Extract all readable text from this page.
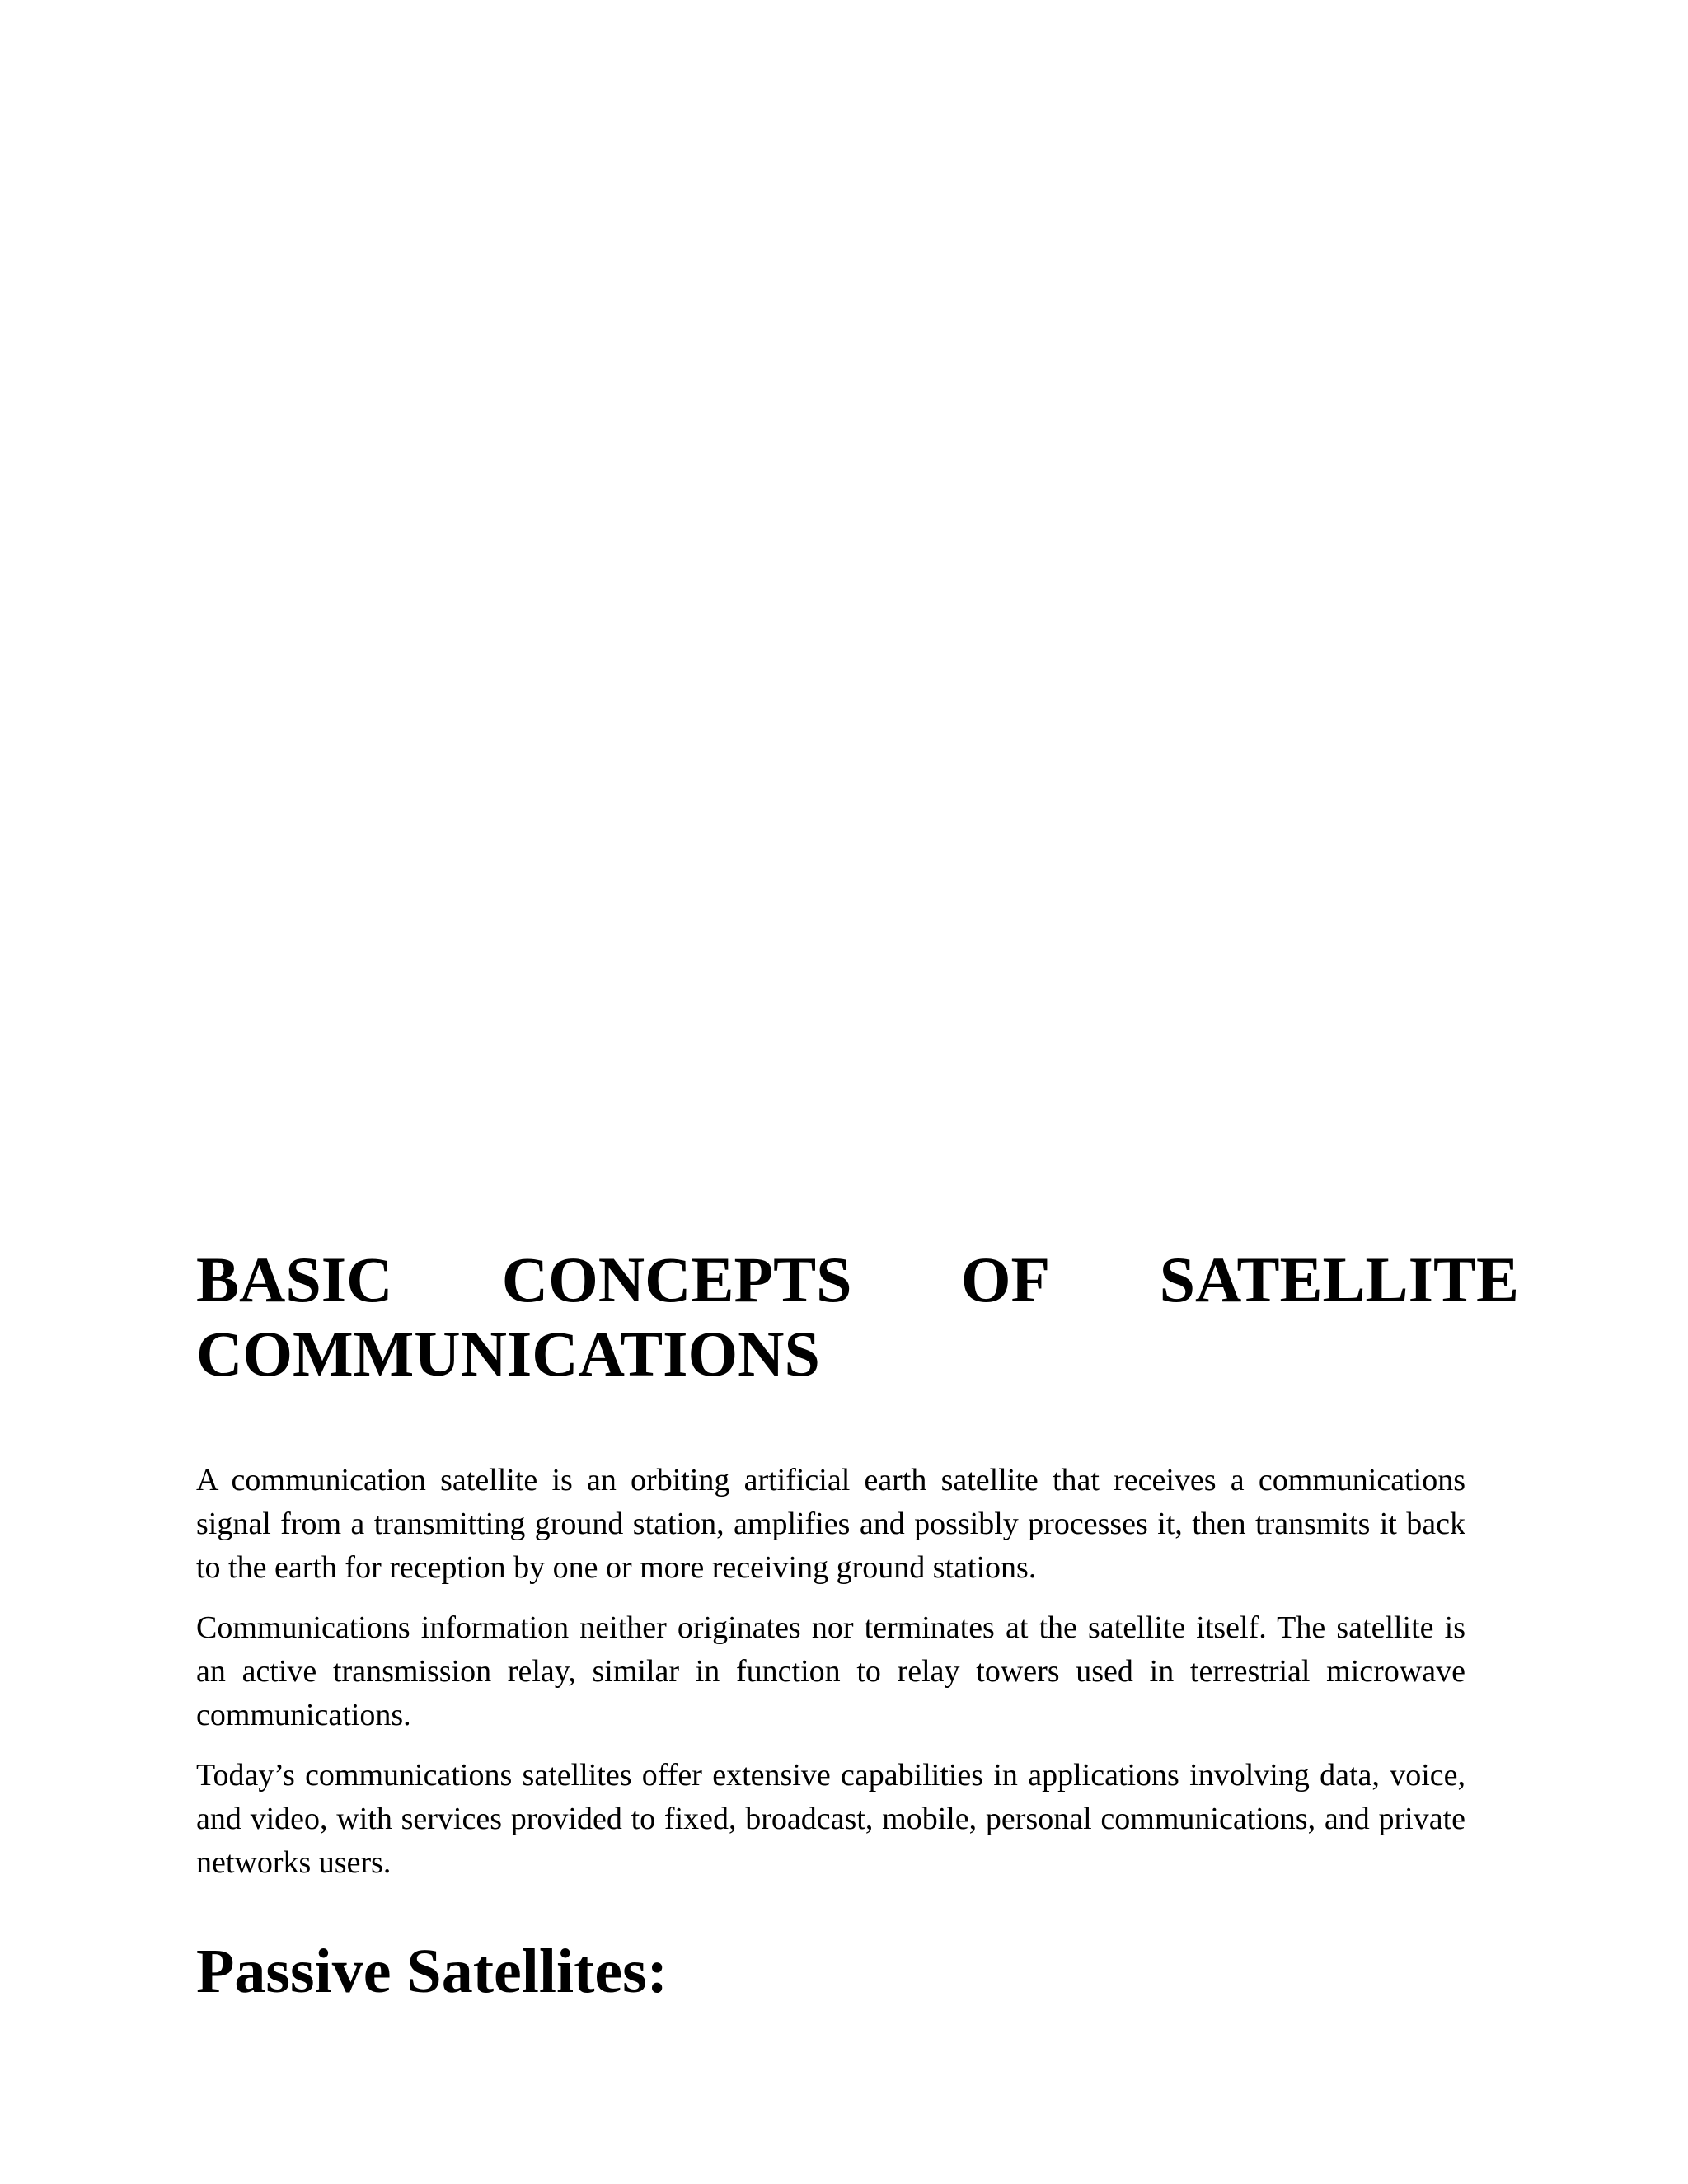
BASIC CONCEPTS OF SATELLITE
COMMUNICATIONS

A communication satellite is an orbiting artificial earth satellite that receives a communications signal from a transmitting ground station, amplifies and possibly processes it, then transmits it back to the earth for reception by one or more receiving ground stations.

Communications information neither originates nor terminates at the satellite itself. The satellite is an active transmission relay, similar in function to relay towers used in terrestrial microwave communications.

Today’s communications satellites offer extensive capabilities in applications involving data, voice, and video, with services provided to fixed, broadcast, mobile, personal communications, and private networks users.

Passive Satellites:
